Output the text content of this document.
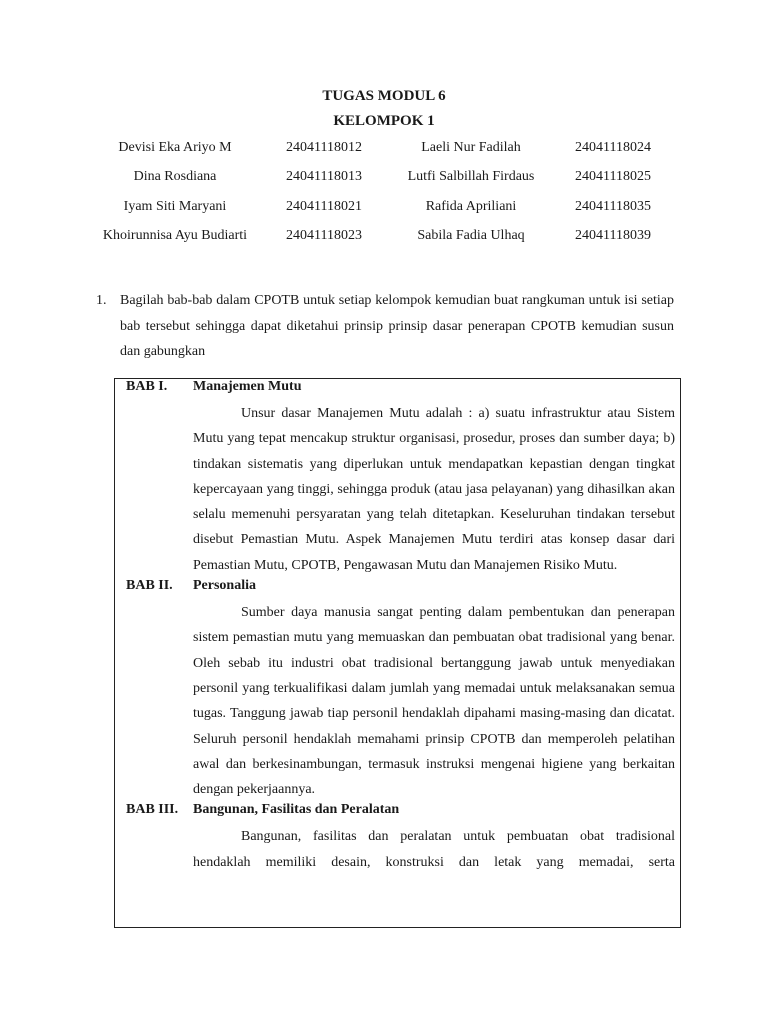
TUGAS MODUL 6
KELOMPOK 1
Devisi Eka Ariyo M	24041118012	Laeli Nur Fadilah	24041118024
Dina Rosdiana	24041118013	Lutfi Salbillah Firdaus	24041118025
Iyam Siti Maryani	24041118021	Rafida Apriliani	24041118035
Khoirunnisa Ayu Budiarti	24041118023	Sabila Fadia Ulhaq	24041118039
1. Bagilah bab-bab dalam CPOTB untuk setiap kelompok kemudian buat rangkuman untuk isi setiap bab tersebut sehingga dapat diketahui prinsip prinsip dasar penerapan CPOTB kemudian susun dan gabungkan
BAB I. Manajemen Mutu
Unsur dasar Manajemen Mutu adalah : a) suatu infrastruktur atau Sistem Mutu yang tepat mencakup struktur organisasi, prosedur, proses dan sumber daya; b) tindakan sistematis yang diperlukan untuk mendapatkan kepastian dengan tingkat kepercayaan yang tinggi, sehingga produk (atau jasa pelayanan) yang dihasilkan akan selalu memenuhi persyaratan yang telah ditetapkan. Keseluruhan tindakan tersebut disebut Pemastian Mutu. Aspek Manajemen Mutu terdiri atas konsep dasar dari Pemastian Mutu, CPOTB, Pengawasan Mutu dan Manajemen Risiko Mutu.
BAB II. Personalia
Sumber daya manusia sangat penting dalam pembentukan dan penerapan sistem pemastian mutu yang memuaskan dan pembuatan obat tradisional yang benar. Oleh sebab itu industri obat tradisional bertanggung jawab untuk menyediakan personil yang terkualifikasi dalam jumlah yang memadai untuk melaksanakan semua tugas. Tanggung jawab tiap personil hendaklah dipahami masing-masing dan dicatat. Seluruh personil hendaklah memahami prinsip CPOTB dan memperoleh pelatihan awal dan berkesinambungan, termasuk instruksi mengenai higiene yang berkaitan dengan pekerjaannya.
BAB III. Bangunan, Fasilitas dan Peralatan
Bangunan, fasilitas dan peralatan untuk pembuatan obat tradisional hendaklah memiliki desain, konstruksi dan letak yang memadai, serta
